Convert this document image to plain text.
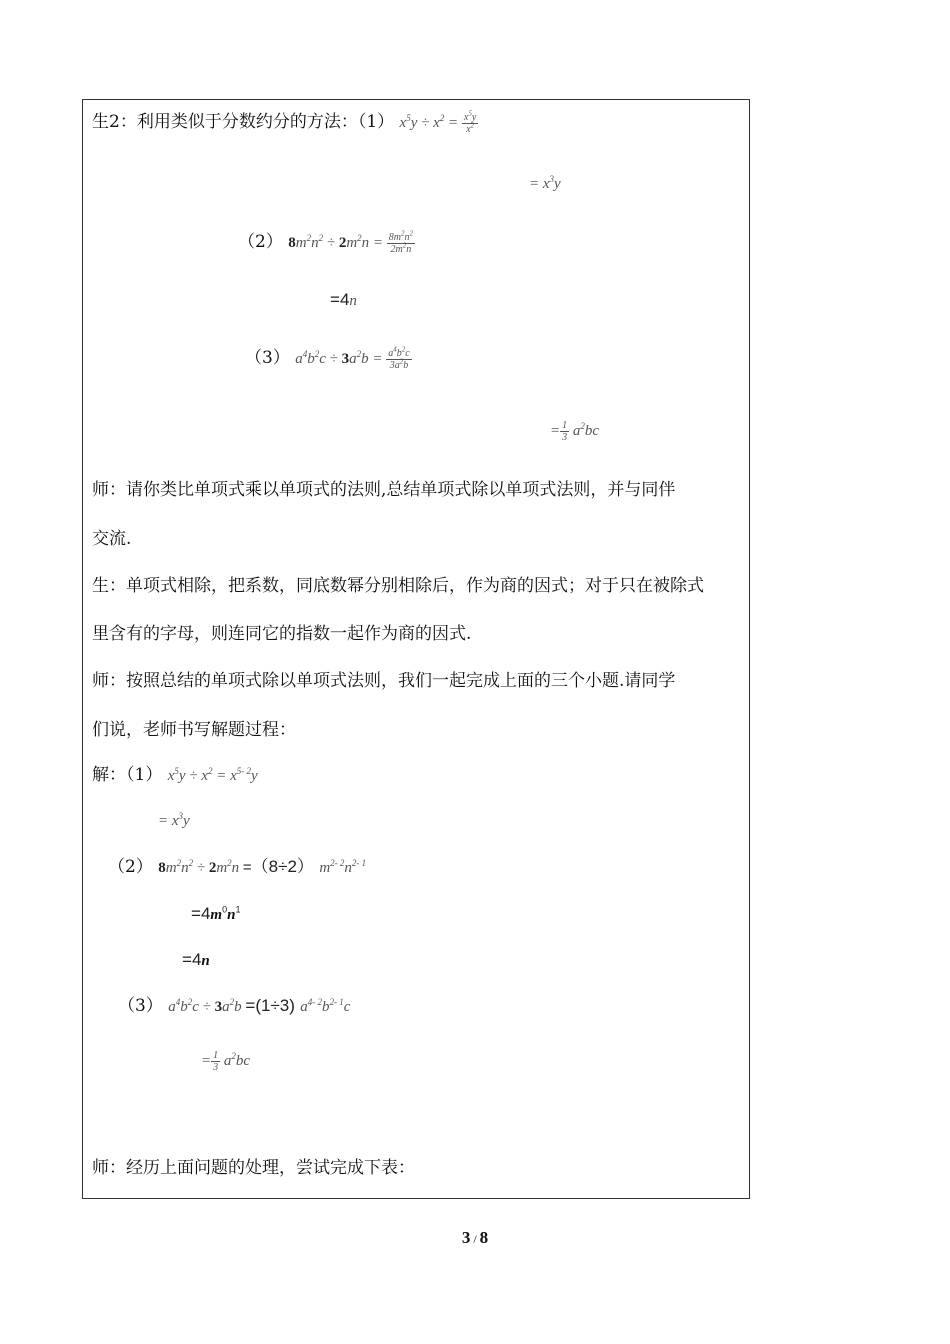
生2：利用类似于分数约分的方法：（1） $x^5y \div x^2 = \frac{x^5y}{x^2}$
= $x^3y$
（2） $8m^2n^2 \div 2m^2n = \frac{8m^2n^2}{2m^2n}$
=4n
（3） $a^4b^2c \div 3a^2b = \frac{a^4b^2c}{3a^2b}$
= $\frac{1}{3} a^2bc$
师：请你类比单项式乘以单项式的法则,总结单项式除以单项式法则，并与同伴
交流.
生：单项式相除，把系数，同底数幂分别相除后，作为商的因式；对于只在被除式
里含有的字母，则连同它的指数一起作为商的因式.
师：按照总结的单项式除以单项式法则，我们一起完成上面的三个小题.请同学
们说，老师书写解题过程：
解：（1） $x^5y \div x^2 = x^{5- 2}y$
= $x^3y$
（2） $8m^2n^2 \div 2m^2n =(8\div 2)$ $m^{2- 2}n^{2- 1}$
$=4m^0n^1$
=4n
（3） $a^4b^2c \div 3a^2b =(1\div 3)$ $a^{4- 2}b^{2- 1}c$
= $\frac{1}{3} a^2bc$
师：经历上面问题的处理，尝试完成下表：
3 / 8
